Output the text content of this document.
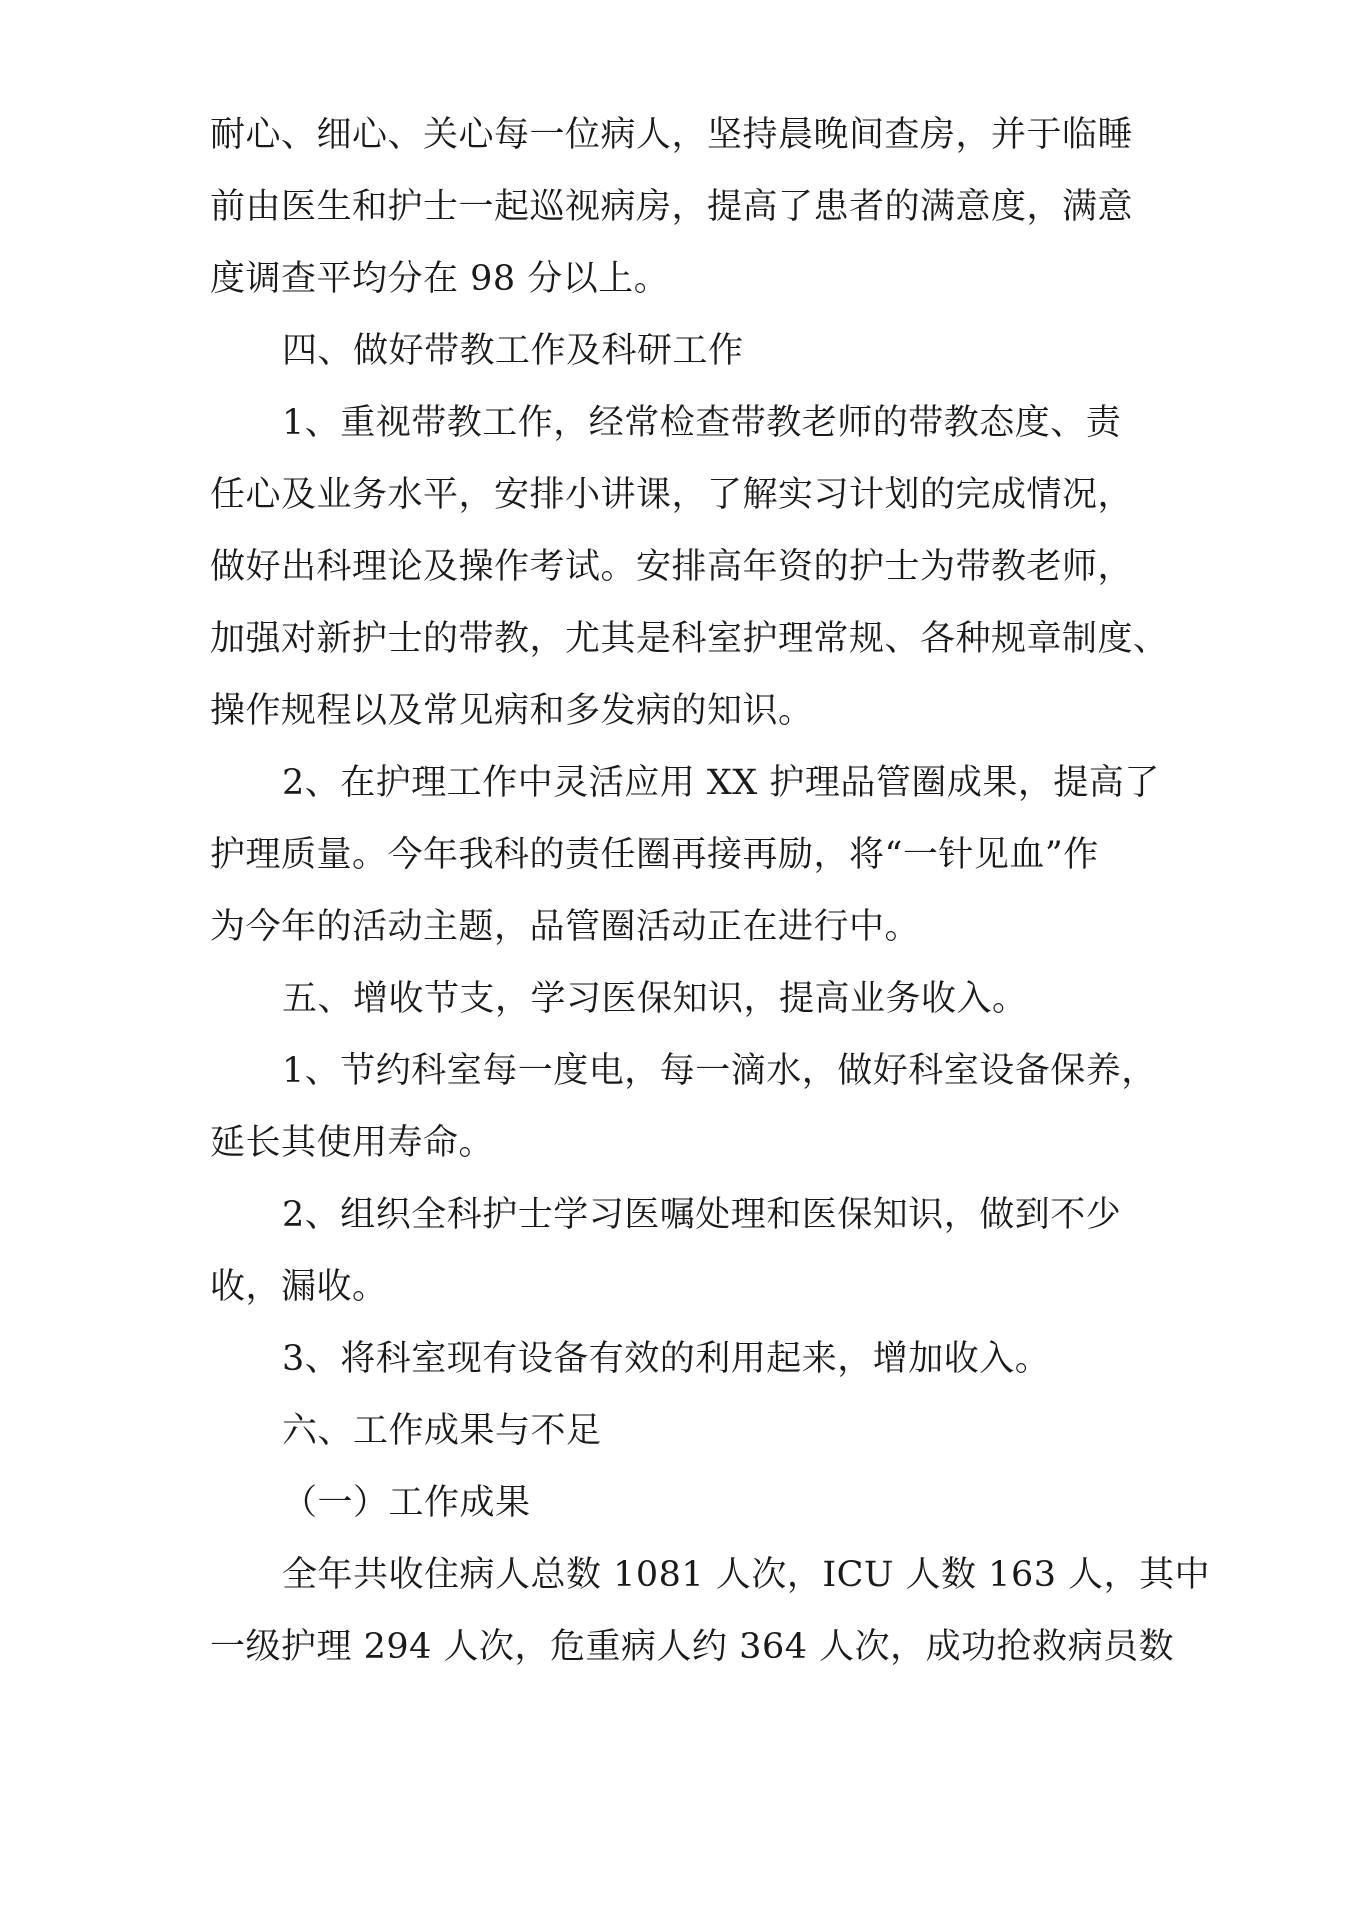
耐心、细心、关心每一位病人，坚持晨晚间查房，并于临睡
前由医生和护士一起巡视病房，提高了患者的满意度，满意
度调查平均分在 98 分以上。
四、做好带教工作及科研工作
1、重视带教工作，经常检查带教老师的带教态度、责
任心及业务水平，安排小讲课，了解实习计划的完成情况，
做好出科理论及操作考试。安排高年资的护士为带教老师，
加强对新护士的带教，尤其是科室护理常规、各种规章制度、
操作规程以及常见病和多发病的知识。
2、在护理工作中灵活应用 XX 护理品管圈成果，提高了
护理质量。今年我科的责任圈再接再励，将“一针见血”作
为今年的活动主题，品管圈活动正在进行中。
五、增收节支，学习医保知识，提高业务收入。
1、节约科室每一度电，每一滴水，做好科室设备保养，
延长其使用寿命。
2、组织全科护士学习医嘱处理和医保知识，做到不少
收，漏收。
3、将科室现有设备有效的利用起来，增加收入。
六、工作成果与不足
（一）工作成果
全年共收住病人总数 1081 人次，ICU 人数 163 人，其中
一级护理 294 人次，危重病人约 364 人次，成功抢救病员数
